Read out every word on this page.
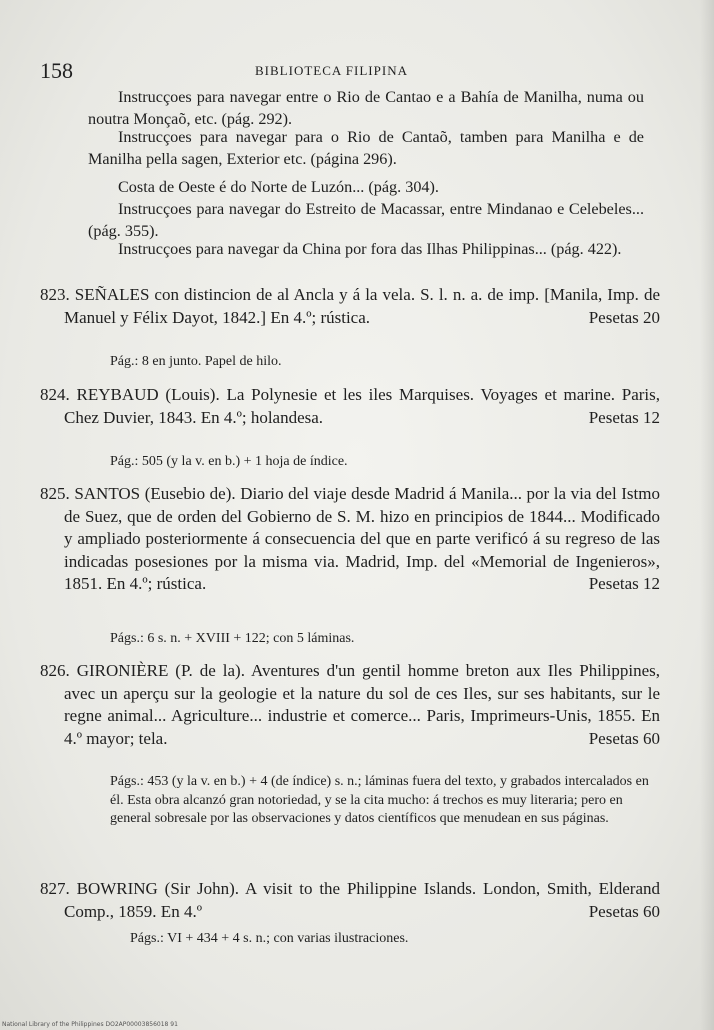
158	BIBLIOTECA FILIPINA

Instrucçoes para navegar entre o Rio de Cantao e a Bahía de Manilha, numa ou noutra Monçaõ, etc. (pág. 292).

Instrucçoes para navegar para o Rio de Cantaõ, tamben para Manilha e de Manilha pella sagen, Exterior etc. (página 296).

Costa de Oeste é do Norte de Luzón... (pág. 304).

Instrucçoes para navegar do Estreito de Macassar, entre Mindanao e Celebeles... (pág. 355).

Instrucçoes para navegar da China por fora das Ilhas Philippinas... (pág. 422).

823. SEÑALES con distincion de al Ancla y á la vela. S. l. n. a. de imp. [Manila, Imp. de Manuel y Félix Dayot, 1842.] En 4.º; rústica.	Pesetas 20

Pág.: 8 en junto. Papel de hilo.

824. REYBAUD (Louis). La Polynesie et les iles Marquises. Voyages et marine. Paris, Chez Duvier, 1843. En 4.º; holandesa.	Pesetas 12

Pág.: 505 (y la v. en b.) + 1 hoja de índice.

825. SANTOS (Eusebio de). Diario del viaje desde Madrid á Manila... por la via del Istmo de Suez, que de orden del Gobierno de S. M. hizo en principios de 1844... Modificado y ampliado posteriormente á consecuencia del que en parte verificó á su regreso de las indicadas posesiones por la misma via. Madrid, Imp. del «Memorial de Ingenieros», 1851. En 4.º; rústica.	Pesetas 12

Págs.: 6 s. n. + XVIII + 122; con 5 láminas.

826. GIRONIÈRE (P. de la). Aventures d'un gentil homme breton aux Iles Philippines, avec un aperçu sur la geologie et la nature du sol de ces Iles, sur ses habitants, sur le regne animal... Agriculture... industrie et comerce... Paris, Imprimeurs-Unis, 1855. En 4.º mayor; tela.	Pesetas 60

Págs.: 453 (y la v. en b.) + 4 (de índice) s. n.; láminas fuera del texto, y grabados intercalados en él. Esta obra alcanzó gran notoriedad, y se la cita mucho: á trechos es muy literaria; pero en general sobresale por las observaciones y datos científicos que menudean en sus páginas.

827. BOWRING (Sir John). A visit to the Philippine Islands. London, Smith, Elderand Comp., 1859. En 4.º	Pesetas 60

Págs.: VI + 434 + 4 s. n.; con varias ilustraciones.

National Library of the Philippines DO2AP00003856018 91
